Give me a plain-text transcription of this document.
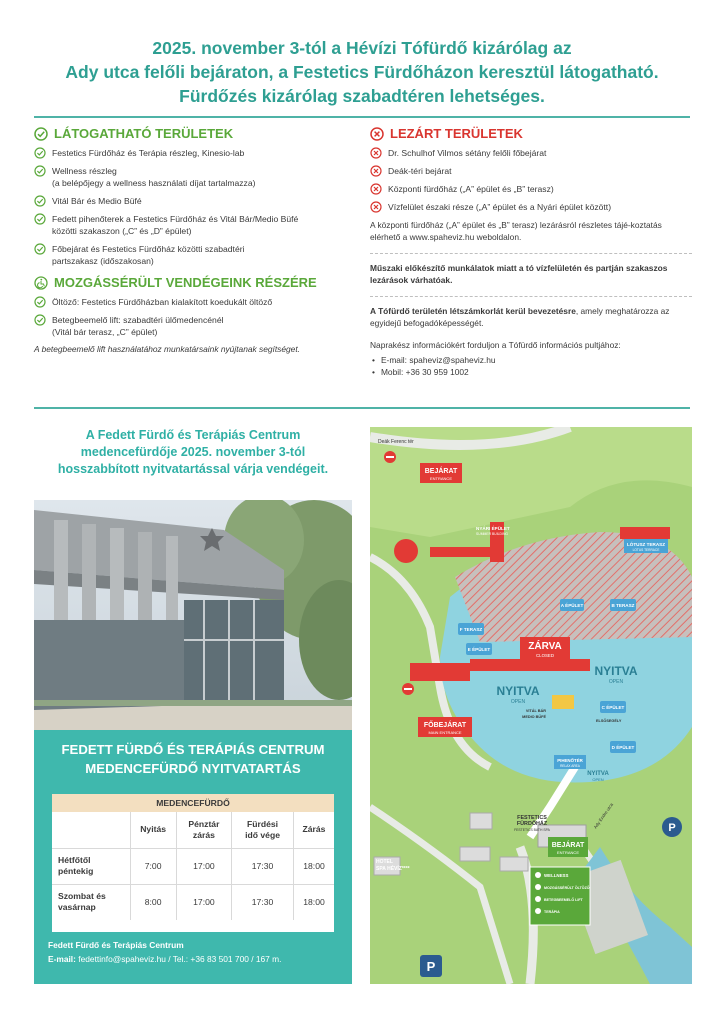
2025. november 3-tól a Hévízi Tófürdő kizárólag az
Ady utca felőli bejáraton, a Festetics Fürdőházon keresztül látogatható.
Fürdőzés kizárólag szabadtéren lehetséges.
LÁTOGATHATÓ TERÜLETEK
Festetics Fürdőház és Terápia részleg, Kinesio-lab
Wellness részleg
(a belépőjegy a wellness használati díjat tartalmazza)
Vitál Bár és Medio Büfé
Fedett pihenőterek a Festetics Fürdőház és Vitál Bár/Medio Büfé
közötti szakaszon („C” és „D” épület)
Főbejárat és Festetics Fürdőház közötti szabadtéri
partszakasz (időszakosan)
MOZGÁSSÉRÜLT VENDÉGEINK RÉSZÉRE
Öltöző: Festetics Fürdőházban kialakított koedukált öltöző
Betegbeemelő lift: szabadtéri ülőmedencénél
(Vitál bár terasz, „C” épület)
A betegbeemelő lift használatához munkatársaink nyújtanak segítséget.
LEZÁRT TERÜLETEK
Dr. Schulhof Vilmos sétány felőli főbejárat
Deák-téri bejárat
Központi fürdőház („A” épület és „B” terasz)
Vízfelület északi része („A” épület és a Nyári épület között)
A központi fürdőház („A” épület és „B” terasz) lezárásról részletes tájé-koztatás elérhető a www.spaheviz.hu weboldalon.
Műszaki előkészítő munkálatok miatt a tó vízfelületén és partján szakaszos lezárások várhatóak.
A Tófürdő területén létszámkorlát kerül bevezetésre, amely meghatározza az egyidejű befogadóképességét.
Naprakész információkért forduljon a Tófürdő információs pultjához:
• E-mail: spaheviz@spaheviz.hu
• Mobil: +36 30 959 1002
A Fedett Fürdő és Terápiás Centrum
medencefürdője 2025. november 3-tól
hosszabbított nyitvatartással várja vendégeit.
FEDETT FÜRDŐ ÉS TERÁPIÁS CENTRUM
MEDENCEFÜRDŐ NYITVATARTÁS
MEDENCEFÜRDŐ
	Nyitás	Pénztár
zárás	Fürdési
idő vége	Zárás
Hétfőtől
péntekig	7:00	17:00	17:30	18:00
Szombat és
vasárnap	8:00	17:00	17:30	18:00
Fedett Fürdő és Terápiás Centrum
E-mail: fedettinfo@spaheviz.hu / Tel.: +36 83 501 700 / 167 m.
Deák Ferenc tér
BEJÁRAT
ENTRANCE
NYÁRI ÉPÜLET
SUMMER BUILDING
LÓTUSZ TERASZ
LOTUS TERRACE
A ÉPÜLET	B TERASZ
F TERASZ
E ÉPÜLET	ZÁRVA
CLOSED
NYITVA
OPEN
NYITVA
OPEN
FŐBEJÁRAT
MAIN ENTRANCE
VITÁL BÁR
MEDIO BÜFÉ
ELSŐSEGÉLY
C ÉPÜLET
D ÉPÜLET
PIHENŐTÉR
RELAX AREA
NYITVA
OPEN
FESTETICS
FÜRDŐHÁZ
FESTETICS BATH SPA
BEJÁRAT
ENTRANCE
Ady Endre utca
HOTEL
SPA HÉVÍZ****
WELLNESS
MOZGÁSSÉRÜLT ÖLTÖZŐ
BETEGBEEMELŐ LIFT
TERÁPIA
P
P
